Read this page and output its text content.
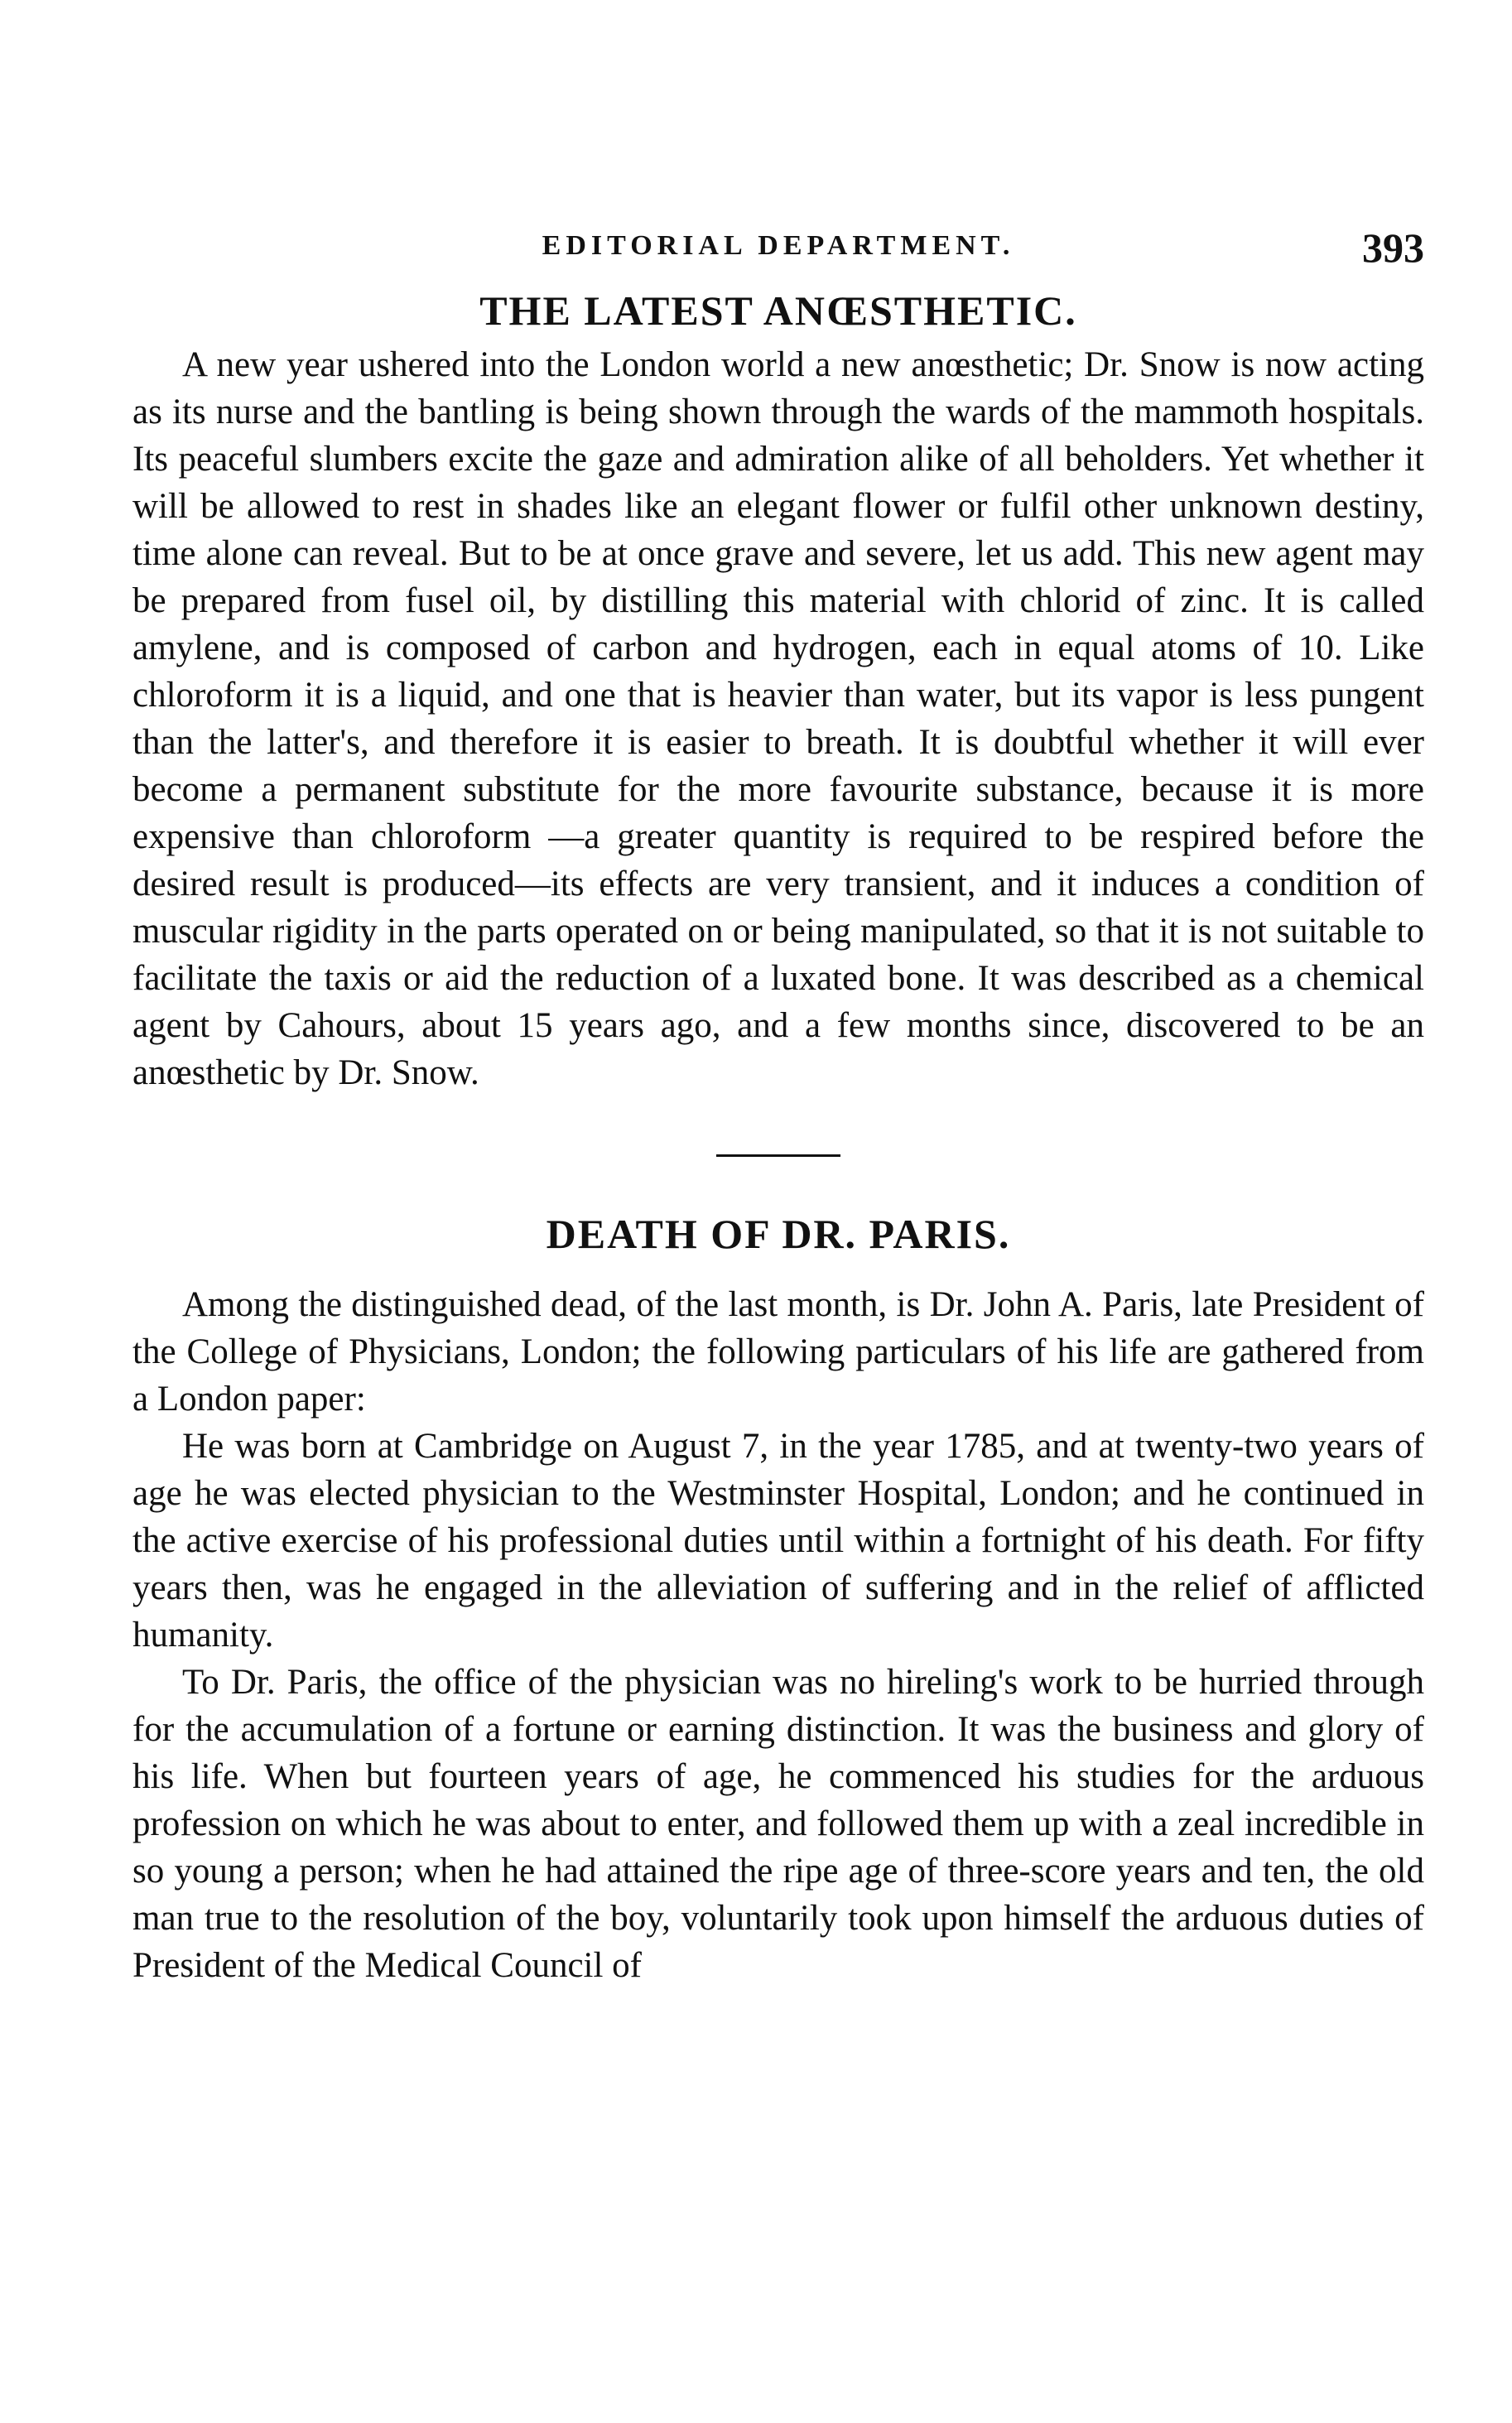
EDITORIAL DEPARTMENT.	393
THE LATEST ANŒSTHETIC.

A new year ushered into the London world a new anœsthetic; Dr. Snow is now acting as its nurse and the bantling is being shown through the wards of the mammoth hospitals. Its peaceful slumbers excite the gaze and admiration alike of all beholders. Yet whether it will be allowed to rest in shades like an elegant flower or fulfil other unknown destiny, time alone can reveal. But to be at once grave and severe, let us add. This new agent may be prepared from fusel oil, by distilling this material with chlorid of zinc. It is called amylene, and is composed of carbon and hydrogen, each in equal atoms of 10. Like chloroform it is a liquid, and one that is heavier than water, but its vapor is less pungent than the latter's, and therefore it is easier to breath. It is doubtful whether it will ever become a permanent substitute for the more favourite substance, because it is more expensive than chloroform —a greater quantity is required to be respired before the desired result is produced—its effects are very transient, and it induces a condition of muscular rigidity in the parts operated on or being manipulated, so that it is not suitable to facilitate the taxis or aid the reduction of a luxated bone. It was described as a chemical agent by Cahours, about 15 years ago, and a few months since, discovered to be an anœsthetic by Dr. Snow.

DEATH OF DR. PARIS.

Among the distinguished dead, of the last month, is Dr. John A. Paris, late President of the College of Physicians, London; the following particulars of his life are gathered from a London paper:

He was born at Cambridge on August 7, in the year 1785, and at twenty-two years of age he was elected physician to the Westminster Hospital, London; and he continued in the active exercise of his professional duties until within a fortnight of his death. For fifty years then, was he engaged in the alleviation of suffering and in the relief of afflicted humanity.

To Dr. Paris, the office of the physician was no hireling's work to be hurried through for the accumulation of a fortune or earning distinction. It was the business and glory of his life. When but fourteen years of age, he commenced his studies for the arduous profession on which he was about to enter, and followed them up with a zeal incredible in so young a person; when he had attained the ripe age of three-score years and ten, the old man true to the resolution of the boy, voluntarily took upon himself the arduous duties of President of the Medical Council of
